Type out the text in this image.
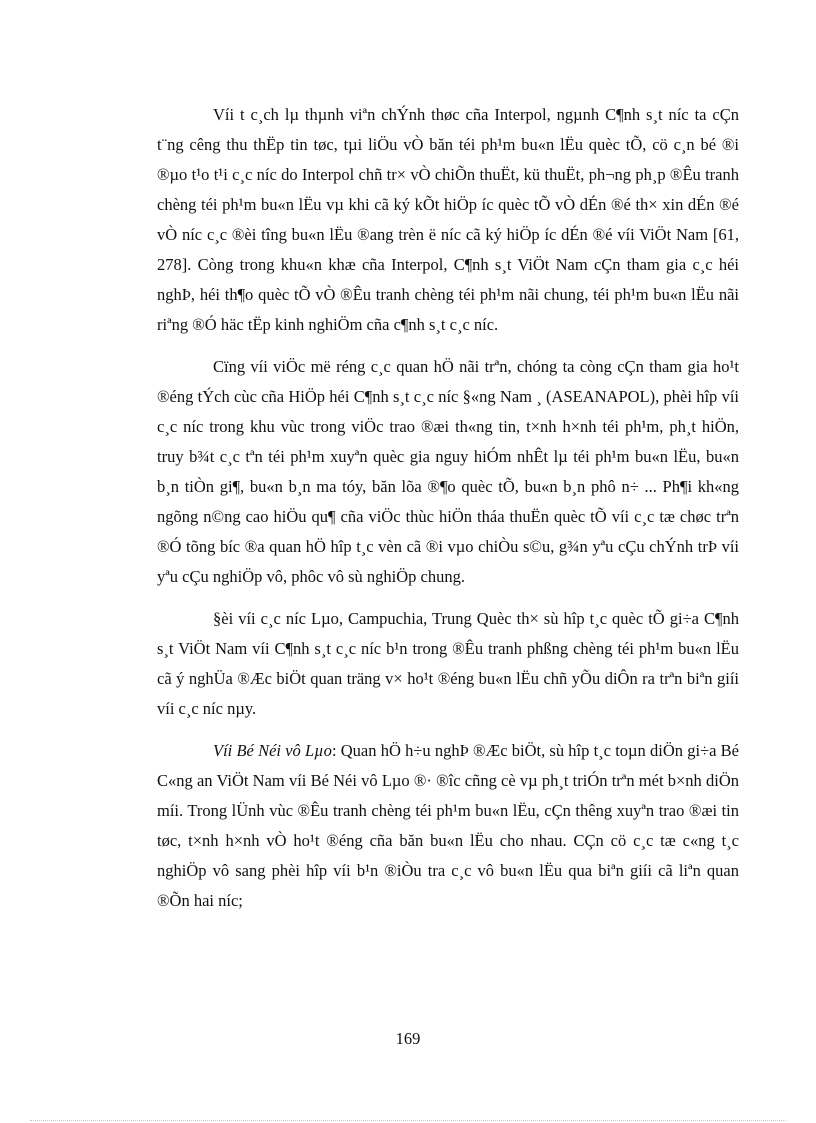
Víi t c¸ch lµ thµnh viªn chÝnh thøc cña Interpol, ngµnh C¶nh s¸t níc ta cÇn t¨ng cêng thu thËp tin tøc, tµi liÖu vÒ băn téi ph¹m bu«n lËu quèc tÕ, cö c¸n bé ®i ®µo t¹o t¹i c¸c níc do Interpol chñ tr× vÒ chiÕn thuËt, kü thuËt, ph¬ng ph¸p ®Êu tranh chèng téi ph¹m bu«n lËu vµ khi cã ký kÕt hiÖp íc quèc tÕ vÒ dÉn ®é th× xin dÉn ®é vÒ níc c¸c ®èi tîng bu«n lËu ®ang trèn ë níc cã ký hiÖp íc dÉn ®é víi ViÖt Nam [61, 278]. Còng trong khu«n khæ cña Interpol, C¶nh s¸t ViÖt Nam cÇn tham gia c¸c héi nghÞ, héi th¶o quèc tÕ vÒ ®Êu tranh chèng téi ph¹m nãi chung, téi ph¹m bu«n lËu nãi riªng ®Ó häc tËp kinh nghiÖm cña c¶nh s¸t c¸c níc.

Cïng víi viÖc më réng c¸c quan hÖ nãi trªn, chóng ta còng cÇn tham gia ho¹t ®éng tÝch cùc cña HiÖp héi C¶nh s¸t c¸c níc §«ng Nam ¸ (ASEANAPOL), phèi hîp víi c¸c níc trong khu vùc trong viÖc trao ®æi th«ng tin, t×nh h×nh téi ph¹m, ph¸t hiÖn, truy b¾t c¸c tªn téi ph¹m xuyªn quèc gia nguy hiÓm nhÊt lµ téi ph¹m bu«n lËu, bu«n b¸n tiÒn gi¶, bu«n b¸n ma tóy, băn lõa ®¶o quèc tÕ, bu«n b¸n phô n÷ ... Ph¶i kh«ng ngõng n©ng cao hiÖu qu¶ cña viÖc thùc hiÖn tháa thuËn quèc tÕ víi c¸c tæ chøc trªn ®Ó tõng bíc ®a quan hÖ hîp t¸c vèn cã ®i vµo chiÒu s©u, g¾n yªu cÇu chÝnh trÞ víi yªu cÇu nghiÖp vô, phôc vô sù nghiÖp chung.

§èi víi c¸c níc Lµo, Campuchia, Trung Quèc th× sù hîp t¸c quèc tÕ gi÷a C¶nh s¸t ViÖt Nam víi C¶nh s¸t c¸c níc b¹n trong ®Êu tranh phßng chèng téi ph¹m bu«n lËu cã ý nghÜa ®Æc biÖt quan träng v× ho¹t ®éng bu«n lËu chñ yÕu diÔn ra trªn biªn giíi víi c¸c níc nµy.

Víi Bé Néi vô Lµo: Quan hÖ h÷u nghÞ ®Æc biÖt, sù hîp t¸c toµn diÖn gi÷a Bé C«ng an ViÖt Nam víi Bé Néi vô Lµo ®· ®îc cñng cè vµ ph¸t triÓn trªn mét b×nh diÖn míi. Trong lÜnh vùc ®Êu tranh chèng téi ph¹m bu«n lËu, cÇn thêng xuyªn trao ®æi tin tøc, t×nh h×nh vÒ ho¹t ®éng cña băn bu«n lËu cho nhau. CÇn cö c¸c tæ c«ng t¸c nghiÖp vô sang phèi hîp víi b¹n ®iÒu tra c¸c vô bu«n lËu qua biªn giíi cã liªn quan ®Õn hai níc;

169
